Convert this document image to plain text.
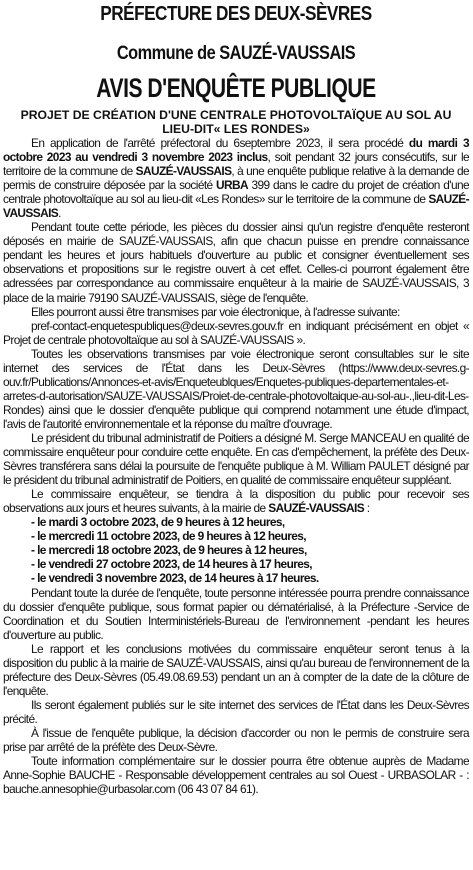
PRÉFECTURE DES DEUX-SÈVRES
Commune de SAUZÉ-VAUSSAIS
AVIS D'ENQUÊTE PUBLIQUE
PROJET DE CRÉATION D'UNE CENTRALE PHOTOVOLTAÏQUE AU SOL AU LIEU-DIT« LES RONDES»

En application de l'arrêté préfectoral du 6septembre 2023, il sera procédé du mardi 3 octobre 2023 au vendredi 3 novembre 2023 inclus, soit pendant 32 jours consécutifs, sur le territoire de la commune de SAUZÉ-VAUSSAIS, à une enquête publique relative à la demande de permis de construire déposée par la société URBA 399 dans le cadre du projet de création d'une centrale photovoltaïque au sol au lieu-dit «Les Rondes» sur le territoire de la commune de SAUZÉ-VAUSSAIS.

Pendant toute cette période, les pièces du dossier ainsi qu'un registre d'enquête resteront déposés en mairie de SAUZÉ-VAUSSAIS, afin que chacun puisse en prendre connaissance pendant les heures et jours habituels d'ouverture au public et consigner éventuellement ses observations et propositions sur le registre ouvert à cet effet. Celles-ci pourront également être adressées par correspondance au commissaire enquêteur à la mairie de SAUZÉ-VAUSSAIS, 3 place de la mairie 79190 SAUZÉ-VAUSSAIS, siège de l'enquête.

Elles pourront aussi être transmises par voie électronique, à l'adresse suivante:

pref-contact-enquetespubliques@deux-sevres.gouv.fr en indiquant précisément en objet « Projet de centrale photovoltaïque au sol à SAUZÉ-VAUSSAIS ».

Toutes les observations transmises par voie électronique seront consultables sur le site internet des services de l'État dans les Deux-Sèvres (https://www.deux-sevres.g-ouv.fr/Publications/Annonces-et-avis/Enqueteublques/Enquetes-publiques-departementales-et-arretes-d-autorisation/SAUZE-VAUSSAIS/Proiet-de-centrale-photovoltaique-au-sol-au-.,lieu-dit-Les-Rondes) ainsi que le dossier d'enquête publique qui comprend notamment une étude d'impact, l'avis de l'autorité environnementale et la réponse du maître d'ouvrage.

Le président du tribunal administratif de Poitiers a désigné M. Serge MANCEAU en qualité de commissaire enquêteur pour conduire cette enquête. En cas d'empêchement, la préfète des Deux-Sèvres transférera sans délai la poursuite de l'enquête publique à M. William PAULET désigné par le président du tribunal administratif de Poitiers, en qualité de commissaire enquêteur suppléant.

Le commissaire enquêteur, se tiendra à la disposition du public pour recevoir ses observations aux jours et heures suivants, à la mairie de SAUZÉ-VAUSSAIS :

- le mardi 3 octobre 2023, de 9 heures à 12 heures,
- le mercredi 11 octobre 2023, de 9 heures à 12 heures,
- le mercredi 18 octobre 2023, de 9 heures à 12 heures,
- le vendredi 27 octobre 2023, de 14 heures à 17 heures,
- le vendredi 3 novembre 2023, de 14 heures à 17 heures.

Pendant toute la durée de l'enquête, toute personne intéressée pourra prendre connaissance du dossier d'enquête publique, sous format papier ou dématérialisé, à la Préfecture -Service de Coordination et du Soutien Interministériels-Bureau de l'environnement -pendant les heures d'ouverture au public.

Le rapport et les conclusions motivées du commissaire enquêteur seront tenus à la disposition du public à la mairie de SAUZÉ-VAUSSAIS, ainsi qu'au bureau de l'environnement de la préfecture des Deux-Sèvres (05.49.08.69.53) pendant un an à compter de la date de la clôture de l'enquête.

Ils seront également publiés sur le site internet des services de l'État dans les Deux-Sèvres précité.

À l'issue de l'enquête publique, la décision d'accorder ou non le permis de construire sera prise par arrêté de la préfète des Deux-Sèvre.

Toute information complémentaire sur le dossier pourra être obtenue auprès de Madame Anne-Sophie BAUCHE - Responsable développement centrales au sol Ouest - URBASOLAR - : bauche.annesophie@urbasolar.com (06 43 07 84 61).
